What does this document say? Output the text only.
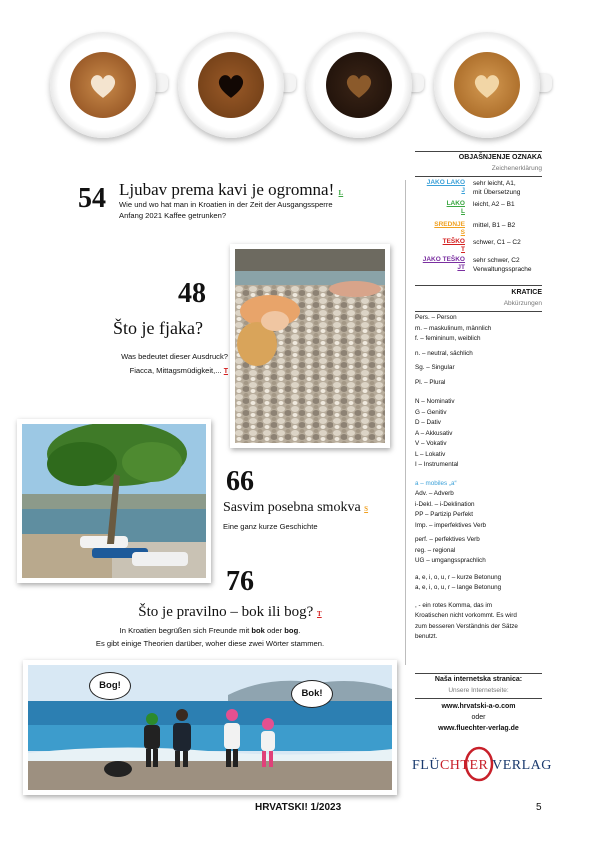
OBJAŠNJENJE OZNAKA
Zeichenerklärung
JAKO LAKO
J
sehr leicht, A1,
mit Übersetzung
LAKO
L
leicht, A2 – B1
SREDNJE
S
mittel, B1 – B2
TEŠKO
T
schwer, C1 – C2
JAKO TEŠKO
JT
sehr schwer, C2
Verwaltungssprache
KRATICE
Abkürzungen
Pers. – Person
m. – maskulinum, männlich
f. – femininum, weiblich
n. – neutral, sächlich
Sg. – Singular
Pl. – Plural
N – Nominativ
G – Genitiv
D – Dativ
A – Akkusativ
V – Vokativ
L – Lokativ
I – Instrumental
a – mobiles „a“
Adv. – Adverb
i-Dekl. – i-Deklination
PP – Partizip Perfekt
Imp. – imperfektives Verb
perf. – perfektives Verb
reg. – regional
UG – umgangssprachlich
a, e, i, o, u, r – kurze Betonung
a, e, i, o, u, r – lange Betonung
, - ein rotes Komma, das im
Kroatischen nicht vorkommt. Es wird
zum besseren Verständnis der Sätze
benutzt.
Naša internetska stranica:
Unsere Internetseite:
www.hrvatski-a-o.com
oder
www.fluechter-verlag.de
FLÜCHTER VERLAG
54 Ljubav prema kavi je ogromna! L
Wie und wo hat man in Kroatien in der Zeit der Ausgangssperre
Anfang 2021 Kaffee getrunken?
48
Što je fjaka?
Was bedeutet dieser Ausdruck?
Fiacca, Mittagsmüdigkeit,... T
66
Sasvim posebna smokva S
Eine ganz kurze Geschichte
76
Što je pravilno – bok ili bog? T
In Kroatien begrüßen sich Freunde mit bok oder bog.
Es gibt einige Theorien darüber, woher diese zwei Wörter stammen.
Bog!
Bok!
HRVATSKI! 1/2023	5
